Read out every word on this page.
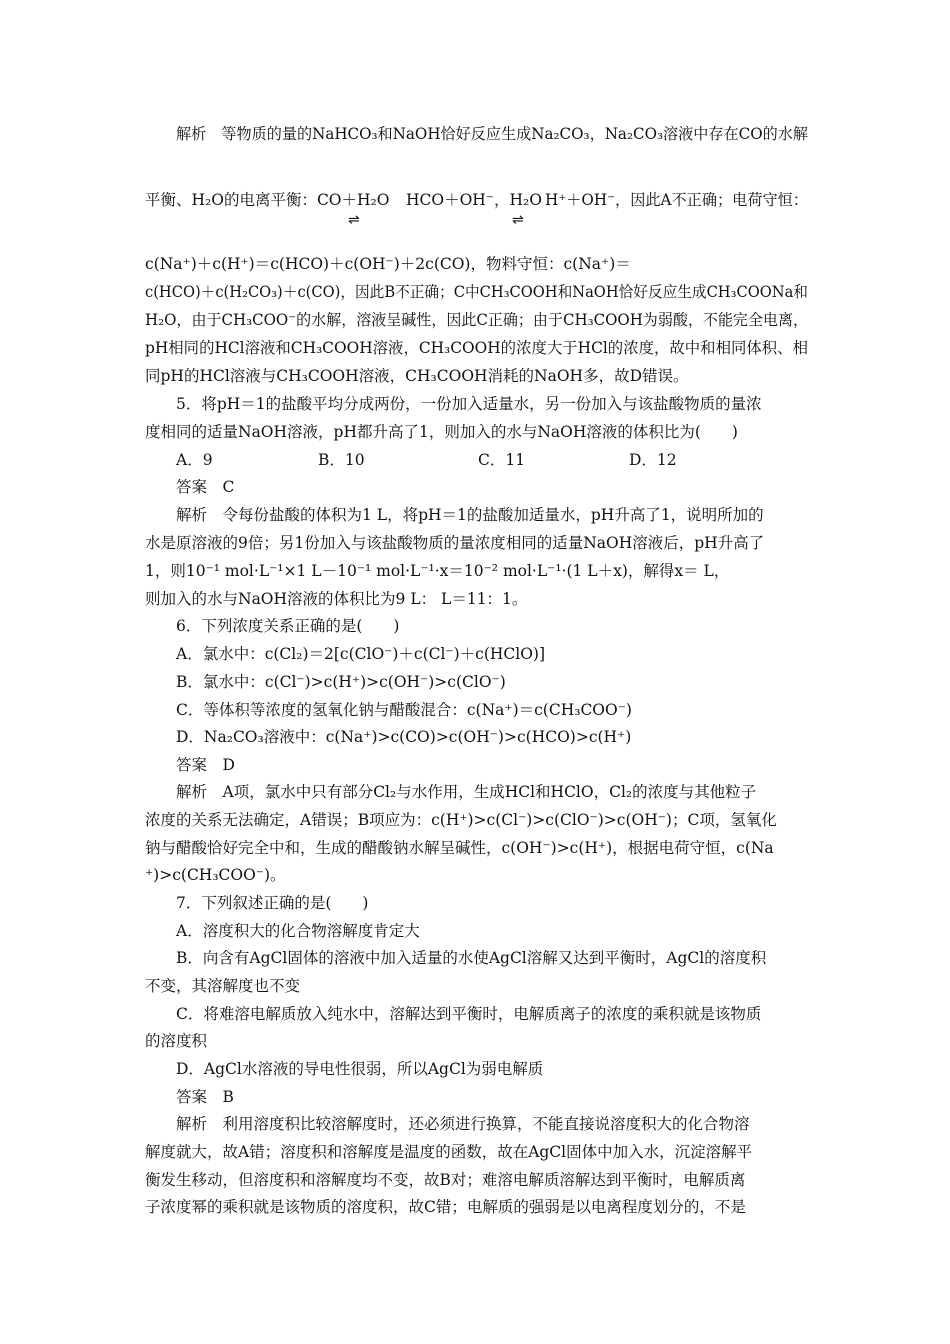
解析　等物质的量的NaHCO₃和NaOH恰好反应生成Na₂CO₃，Na₂CO₃溶液中存在CO的水解
平衡、H₂O的电离平衡：CO＋H₂O
⇌
HCO＋OH⁻，H₂O
⇌
H⁺＋OH⁻，因此A不正确；电荷守恒：
c(Na⁺)＋c(H⁺)＝c(HCO)＋c(OH⁻)＋2c(CO)，物料守恒：c(Na⁺)＝
c(HCO)＋c(H₂CO₃)＋c(CO)，因此B不正确；C中CH₃COOH和NaOH恰好反应生成CH₃COONa和
H₂O，由于CH₃COO⁻的水解，溶液呈碱性，因此C正确；由于CH₃COOH为弱酸，不能完全电离，
pH相同的HCl溶液和CH₃COOH溶液，CH₃COOH的浓度大于HCl的浓度，故中和相同体积、相
同pH的HCl溶液与CH₃COOH溶液，CH₃COOH消耗的NaOH多，故D错误。
5．将pH＝1的盐酸平均分成两份，一份加入适量水，另一份加入与该盐酸物质的量浓
度相同的适量NaOH溶液，pH都升高了1，则加入的水与NaOH溶液的体积比为(　　)
A．9	B．10	C．11	D．12
答案　C
解析　令每份盐酸的体积为1 L，将pH＝1的盐酸加适量水，pH升高了1，说明所加的
水是原溶液的9倍；另1份加入与该盐酸物质的量浓度相同的适量NaOH溶液后，pH升高了
1，则10⁻¹ mol·L⁻¹×1 L－10⁻¹ mol·L⁻¹·x＝10⁻² mol·L⁻¹·(1 L＋x)，解得x＝ L，
则加入的水与NaOH溶液的体积比为9 L： L＝11：1。
6．下列浓度关系正确的是(　　)
A．氯水中：c(Cl₂)＝2[c(ClO⁻)＋c(Cl⁻)＋c(HClO)]
B．氯水中：c(Cl⁻)>c(H⁺)>c(OH⁻)>c(ClO⁻)
C．等体积等浓度的氢氧化钠与醋酸混合：c(Na⁺)＝c(CH₃COO⁻)
D．Na₂CO₃溶液中：c(Na⁺)>c(CO)>c(OH⁻)>c(HCO)>c(H⁺)
答案　D
解析　A项，氯水中只有部分Cl₂与水作用，生成HCl和HClO，Cl₂的浓度与其他粒子
浓度的关系无法确定，A错误；B项应为：c(H⁺)>c(Cl⁻)>c(ClO⁻)>c(OH⁻)；C项，氢氧化
钠与醋酸恰好完全中和，生成的醋酸钠水解呈碱性，c(OH⁻)>c(H⁺)，根据电荷守恒，c(Na
⁺)>c(CH₃COO⁻)。
7．下列叙述正确的是(　　)
A．溶度积大的化合物溶解度肯定大
B．向含有AgCl固体的溶液中加入适量的水使AgCl溶解又达到平衡时，AgCl的溶度积
不变，其溶解度也不变
C．将难溶电解质放入纯水中，溶解达到平衡时，电解质离子的浓度的乘积就是该物质
的溶度积
D．AgCl水溶液的导电性很弱，所以AgCl为弱电解质
答案　B
解析　利用溶度积比较溶解度时，还必须进行换算，不能直接说溶度积大的化合物溶
解度就大，故A错；溶度积和溶解度是温度的函数，故在AgCl固体中加入水，沉淀溶解平
衡发生移动，但溶度积和溶解度均不变，故B对；难溶电解质溶解达到平衡时，电解质离
子浓度幂的乘积就是该物质的溶度积，故C错；电解质的强弱是以电离程度划分的，不是
